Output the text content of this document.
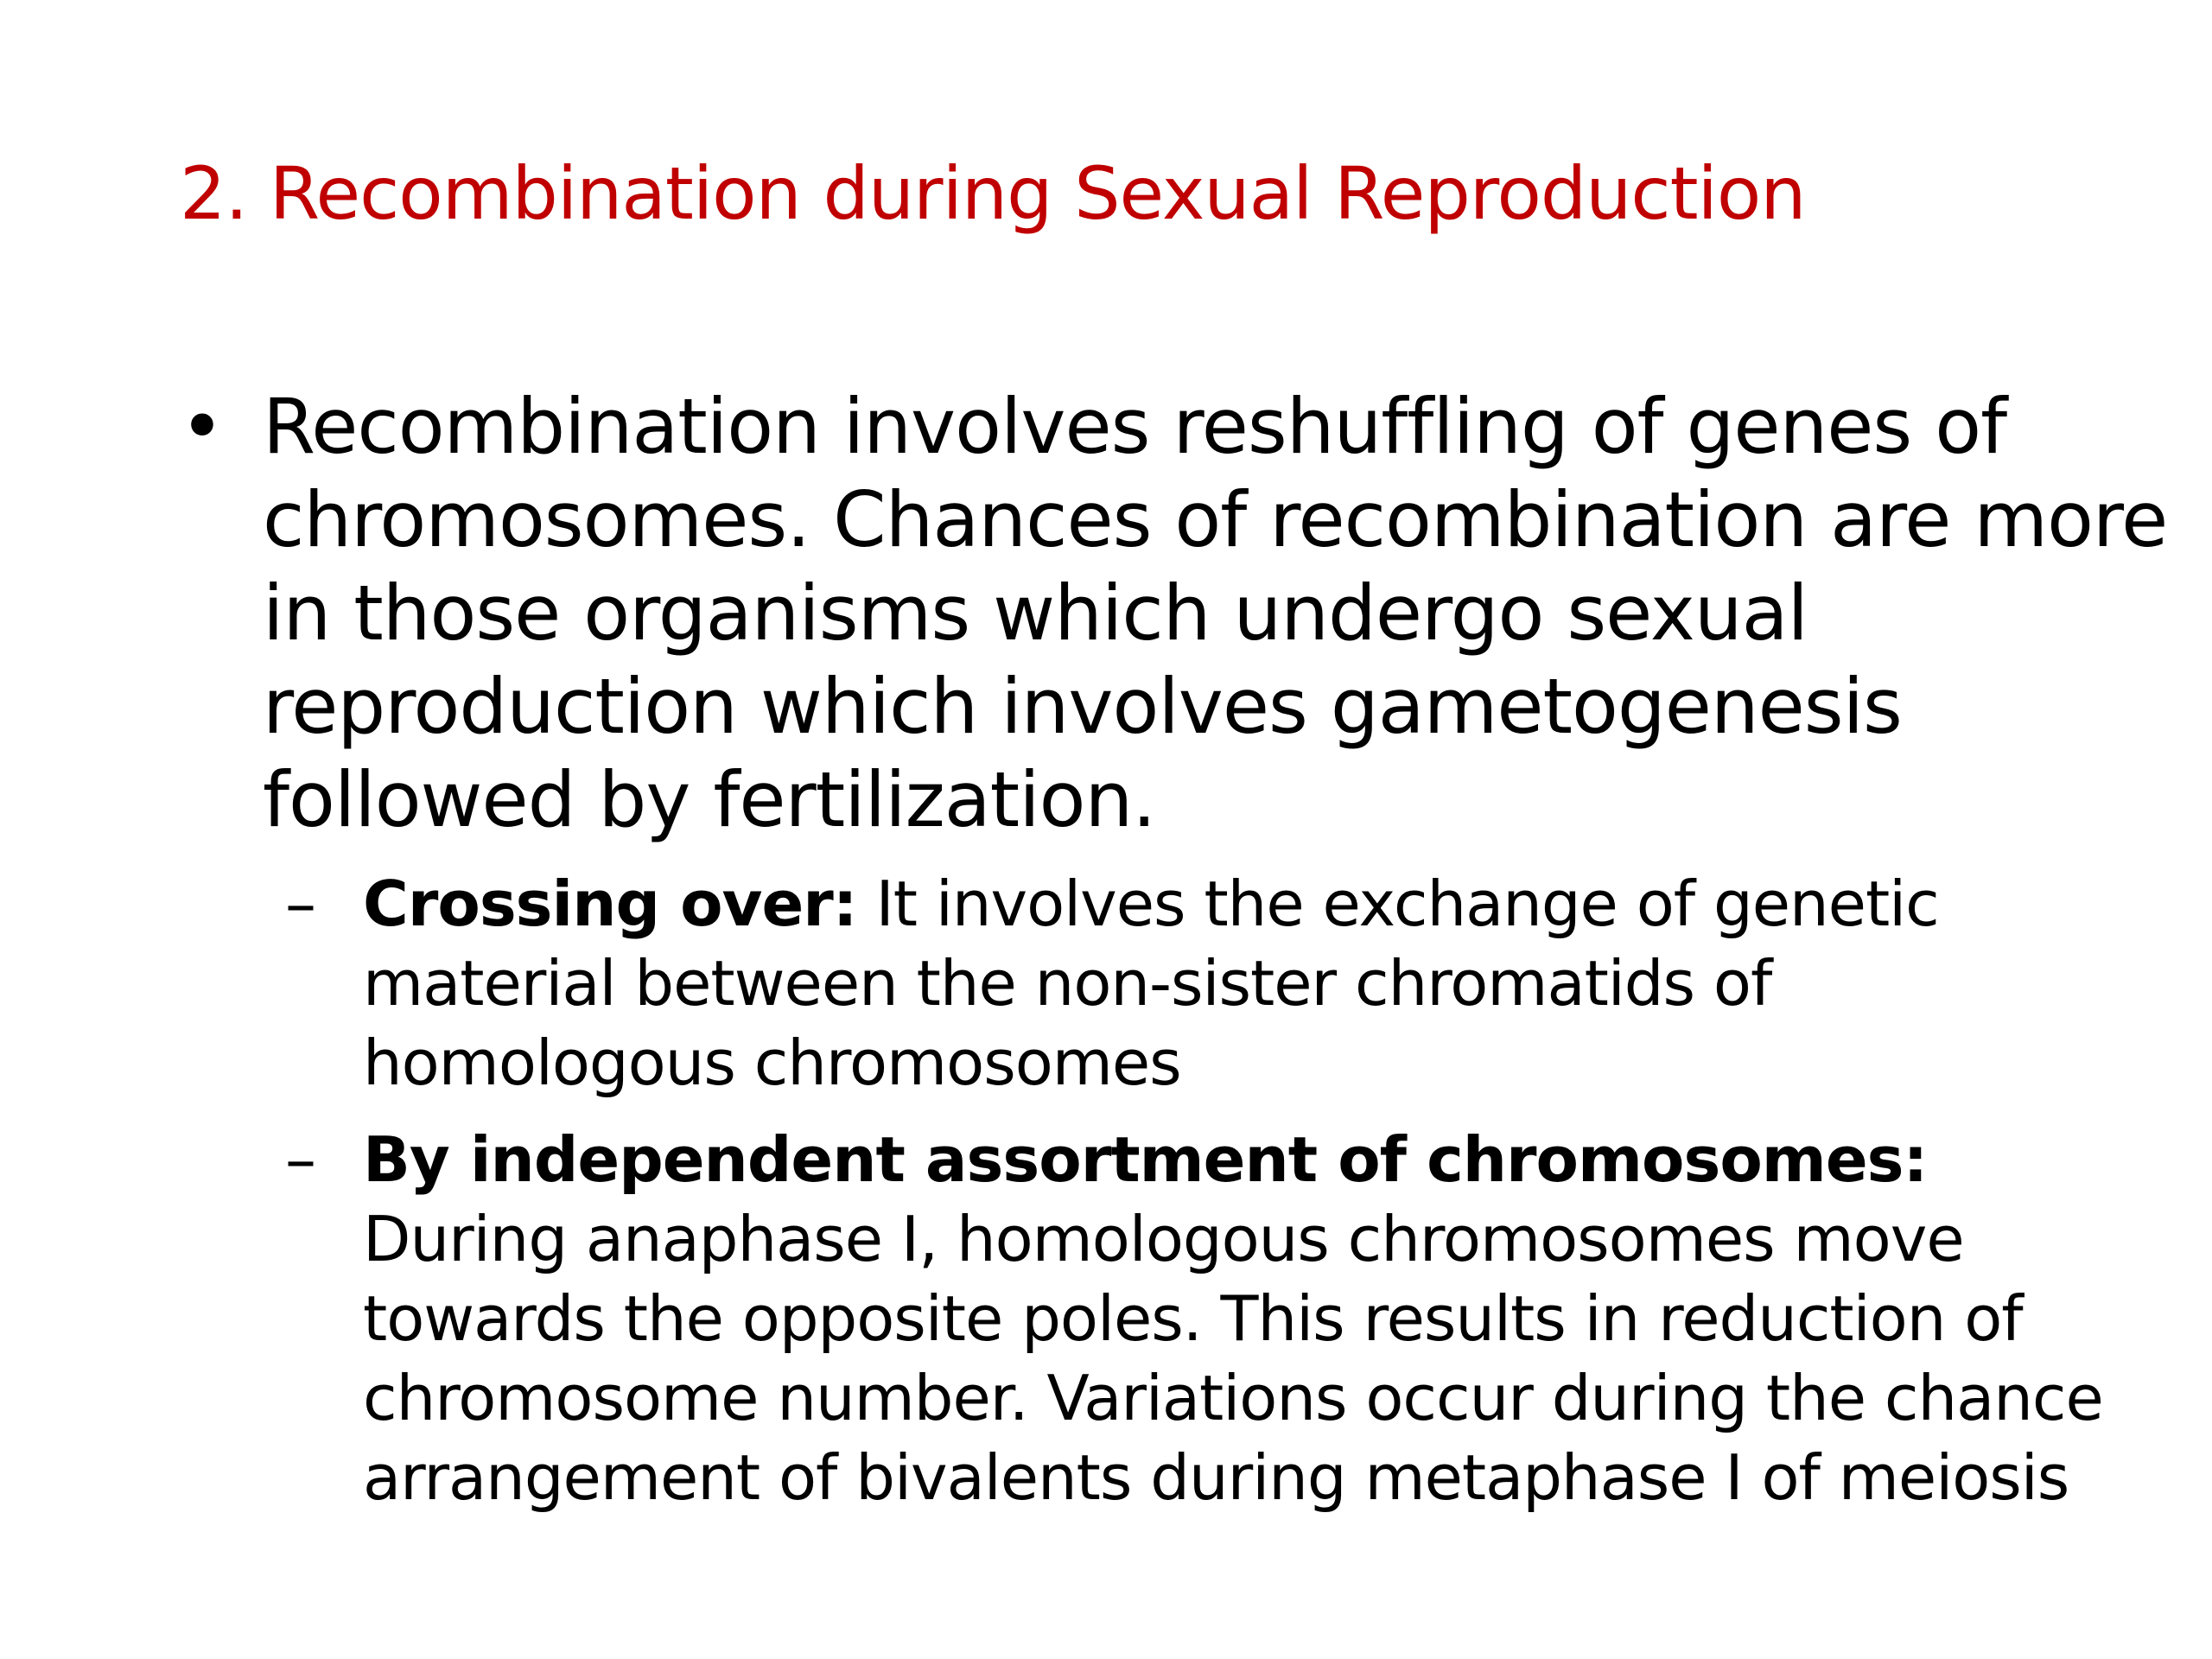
2. Recombination during Sexual Reproduction
• Recombination involves reshuffling of genes of chromosomes. Chances of recombination are more in those organisms which undergo sexual reproduction which involves gametogenesis followed by fertilization.
– Crossing over: It involves the exchange of genetic material between the non-sister chromatids of homologous chromosomes
– By independent assortment of chromosomes: During anaphase I, homologous chromosomes move towards the opposite poles. This results in reduction of chromosome number. Variations occur during the chance arrangement of bivalents during metaphase I of meiosis
